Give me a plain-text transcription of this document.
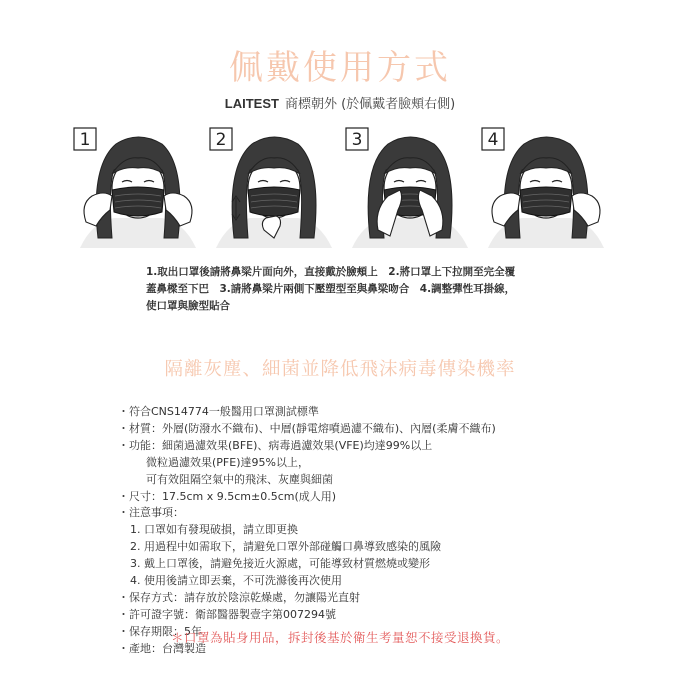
佩戴使用方式
LAITEST 商標朝外 (於佩戴者臉頰右側)
1	2	3	4
1.取出口罩後請將鼻梁片面向外，直接戴於臉頰上　2.將口罩上下拉開至完全覆
蓋鼻樑至下巴　3.請將鼻梁片兩側下壓塑型至與鼻梁吻合　4.調整彈性耳掛線，
使口罩與臉型貼合
隔離灰塵、細菌並降低飛沫病毒傳染機率
・符合CNS14774一般醫用口罩測試標準
・材質：外層(防潑水不織布)、中層(靜電熔噴過濾不織布)、內層(柔膚不織布)
・功能：細菌過濾效果(BFE)、病毒過濾效果(VFE)均達99%以上
微粒過濾效果(PFE)達95%以上，
可有效阻隔空氣中的飛沫、灰塵與細菌
・尺寸：17.5cm x 9.5cm±0.5cm(成人用)
・注意事項：
1. 口罩如有發現破損，請立即更換
2. 用過程中如需取下，請避免口罩外部碰觸口鼻導致感染的風險
3. 戴上口罩後，請避免接近火源處，可能導致材質燃燒或變形
4. 使用後請立即丟棄，不可洗滌後再次使用
・保存方式：請存放於陰涼乾燥處，勿讓陽光直射
・許可證字號：衛部醫器製壹字第007294號
・保存期限：5年
・產地：台灣製造
＊口罩為貼身用品，拆封後基於衛生考量恕不接受退換貨。
